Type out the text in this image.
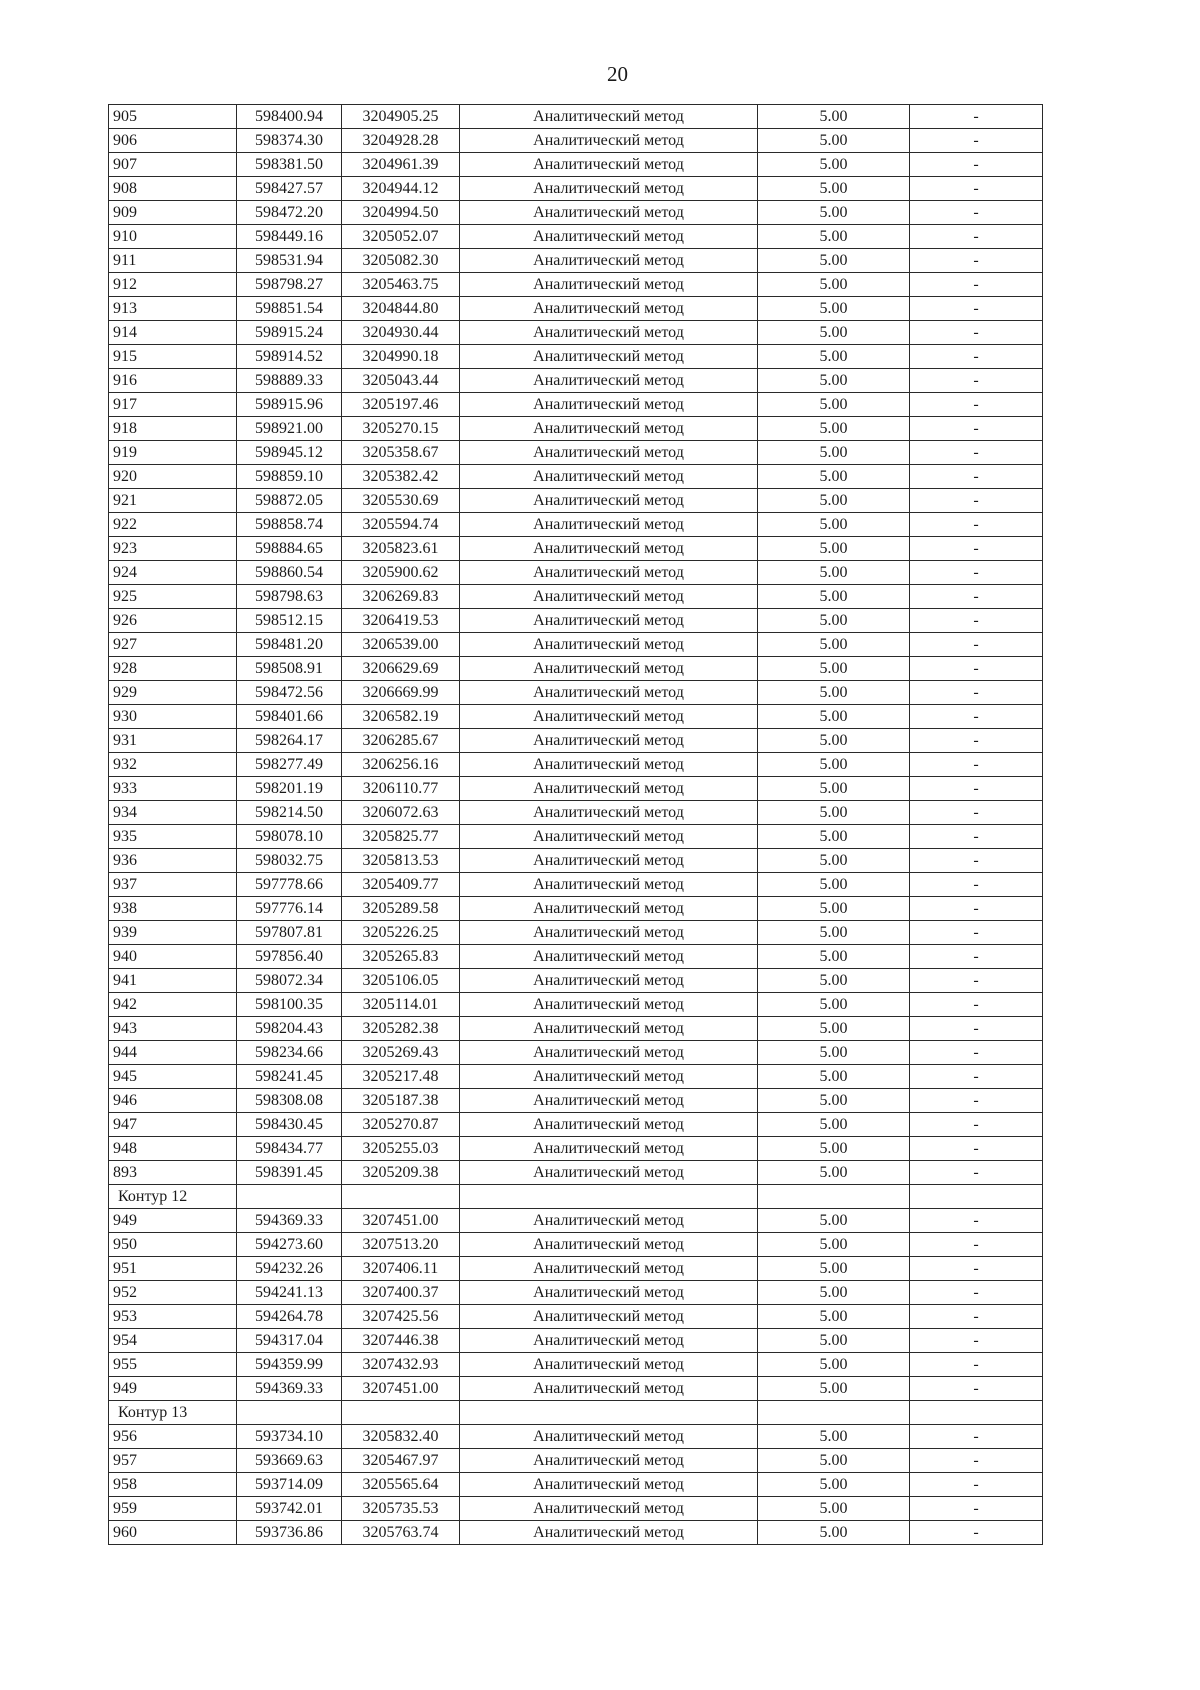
20
905	598400.94	3204905.25	Аналитический метод	5.00	-
906	598374.30	3204928.28	Аналитический метод	5.00	-
907	598381.50	3204961.39	Аналитический метод	5.00	-
908	598427.57	3204944.12	Аналитический метод	5.00	-
909	598472.20	3204994.50	Аналитический метод	5.00	-
910	598449.16	3205052.07	Аналитический метод	5.00	-
911	598531.94	3205082.30	Аналитический метод	5.00	-
912	598798.27	3205463.75	Аналитический метод	5.00	-
913	598851.54	3204844.80	Аналитический метод	5.00	-
914	598915.24	3204930.44	Аналитический метод	5.00	-
915	598914.52	3204990.18	Аналитический метод	5.00	-
916	598889.33	3205043.44	Аналитический метод	5.00	-
917	598915.96	3205197.46	Аналитический метод	5.00	-
918	598921.00	3205270.15	Аналитический метод	5.00	-
919	598945.12	3205358.67	Аналитический метод	5.00	-
920	598859.10	3205382.42	Аналитический метод	5.00	-
921	598872.05	3205530.69	Аналитический метод	5.00	-
922	598858.74	3205594.74	Аналитический метод	5.00	-
923	598884.65	3205823.61	Аналитический метод	5.00	-
924	598860.54	3205900.62	Аналитический метод	5.00	-
925	598798.63	3206269.83	Аналитический метод	5.00	-
926	598512.15	3206419.53	Аналитический метод	5.00	-
927	598481.20	3206539.00	Аналитический метод	5.00	-
928	598508.91	3206629.69	Аналитический метод	5.00	-
929	598472.56	3206669.99	Аналитический метод	5.00	-
930	598401.66	3206582.19	Аналитический метод	5.00	-
931	598264.17	3206285.67	Аналитический метод	5.00	-
932	598277.49	3206256.16	Аналитический метод	5.00	-
933	598201.19	3206110.77	Аналитический метод	5.00	-
934	598214.50	3206072.63	Аналитический метод	5.00	-
935	598078.10	3205825.77	Аналитический метод	5.00	-
936	598032.75	3205813.53	Аналитический метод	5.00	-
937	597778.66	3205409.77	Аналитический метод	5.00	-
938	597776.14	3205289.58	Аналитический метод	5.00	-
939	597807.81	3205226.25	Аналитический метод	5.00	-
940	597856.40	3205265.83	Аналитический метод	5.00	-
941	598072.34	3205106.05	Аналитический метод	5.00	-
942	598100.35	3205114.01	Аналитический метод	5.00	-
943	598204.43	3205282.38	Аналитический метод	5.00	-
944	598234.66	3205269.43	Аналитический метод	5.00	-
945	598241.45	3205217.48	Аналитический метод	5.00	-
946	598308.08	3205187.38	Аналитический метод	5.00	-
947	598430.45	3205270.87	Аналитический метод	5.00	-
948	598434.77	3205255.03	Аналитический метод	5.00	-
893	598391.45	3205209.38	Аналитический метод	5.00	-
Контур 12					
949	594369.33	3207451.00	Аналитический метод	5.00	-
950	594273.60	3207513.20	Аналитический метод	5.00	-
951	594232.26	3207406.11	Аналитический метод	5.00	-
952	594241.13	3207400.37	Аналитический метод	5.00	-
953	594264.78	3207425.56	Аналитический метод	5.00	-
954	594317.04	3207446.38	Аналитический метод	5.00	-
955	594359.99	3207432.93	Аналитический метод	5.00	-
949	594369.33	3207451.00	Аналитический метод	5.00	-
Контур 13					
956	593734.10	3205832.40	Аналитический метод	5.00	-
957	593669.63	3205467.97	Аналитический метод	5.00	-
958	593714.09	3205565.64	Аналитический метод	5.00	-
959	593742.01	3205735.53	Аналитический метод	5.00	-
960	593736.86	3205763.74	Аналитический метод	5.00	-
